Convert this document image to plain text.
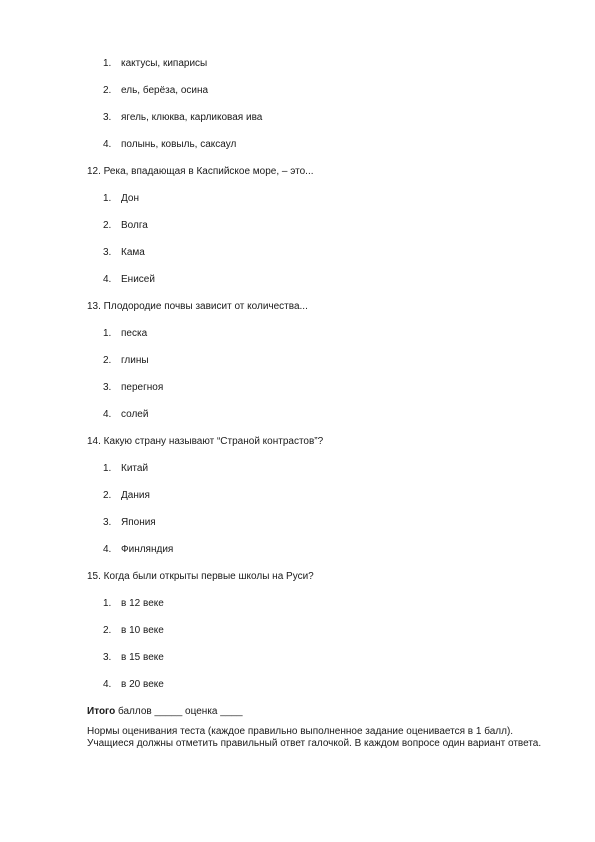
1. кактусы, кипарисы
2. ель, берёза, осина
3. ягель, клюква, карликовая ива
4. полынь, ковыль, саксаул
12. Река, впадающая в Каспийское море, – это...
1. Дон
2. Волга
3. Кама
4. Енисей
13. Плодородие почвы зависит от количества...
1. песка
2. глины
3. перегноя
4. солей
14. Какую страну называют “Страной контрастов”?
1. Китай
2. Дания
3. Япония
4. Финляндия
15. Когда были открыты первые школы на Руси?
1. в 12 веке
2. в 10 веке
3. в 15 веке
4. в 20 веке
Итого баллов _____ оценка ____
Нормы оценивания теста (каждое правильно выполненное задание оценивается в 1 балл). Учащиеся должны отметить правильный ответ галочкой. В каждом вопросе один вариант ответа.
